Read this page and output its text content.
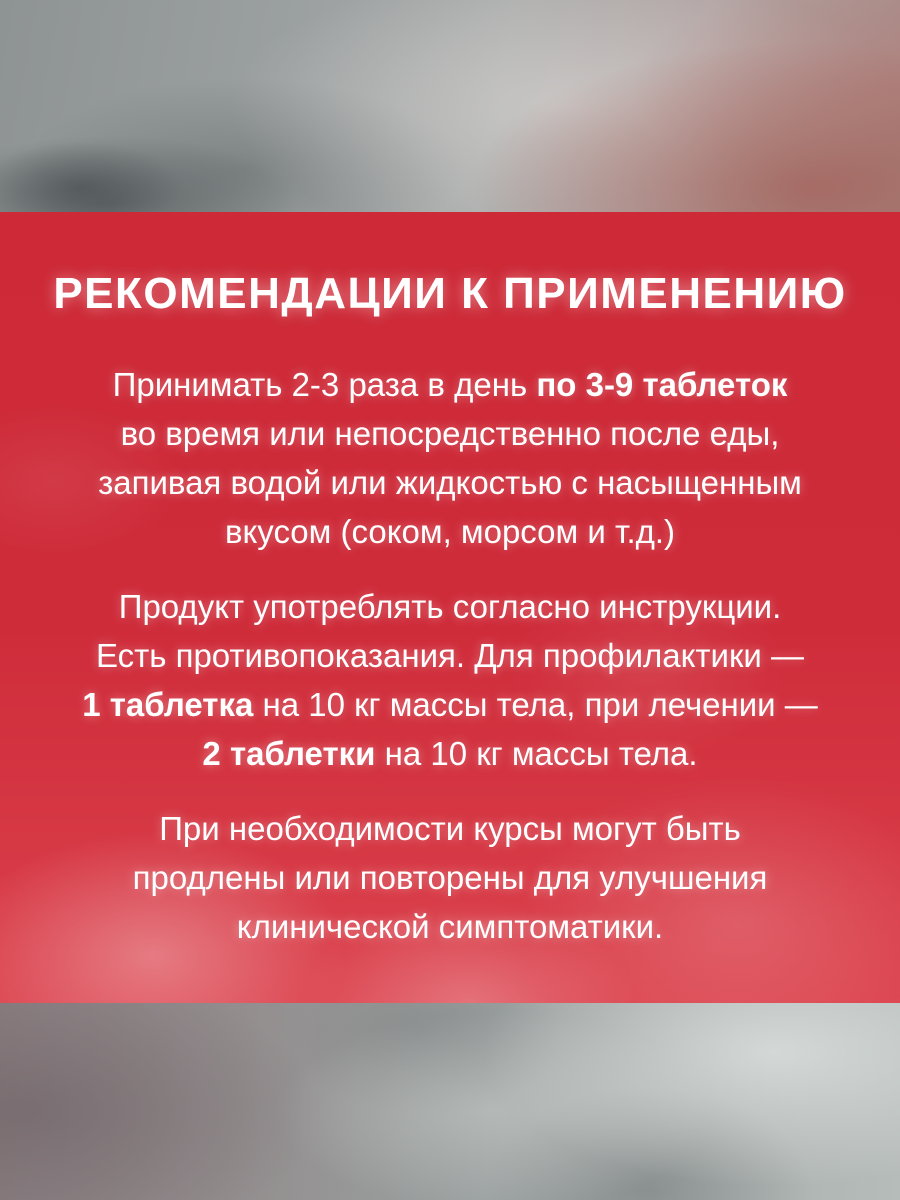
РЕКОМЕНДАЦИИ К ПРИМЕНЕНИЮ

Принимать 2-3 раза в день по 3-9 таблеток
во время или непосредственно после еды,
запивая водой или жидкостью с насыщенным
вкусом (соком, морсом и т.д.)

Продукт употреблять согласно инструкции.
Есть противопоказания. Для профилактики —
1 таблетка на 10 кг массы тела, при лечении —
2 таблетки на 10 кг массы тела.

При необходимости курсы могут быть
продлены или повторены для улучшения
клинической симптоматики.
